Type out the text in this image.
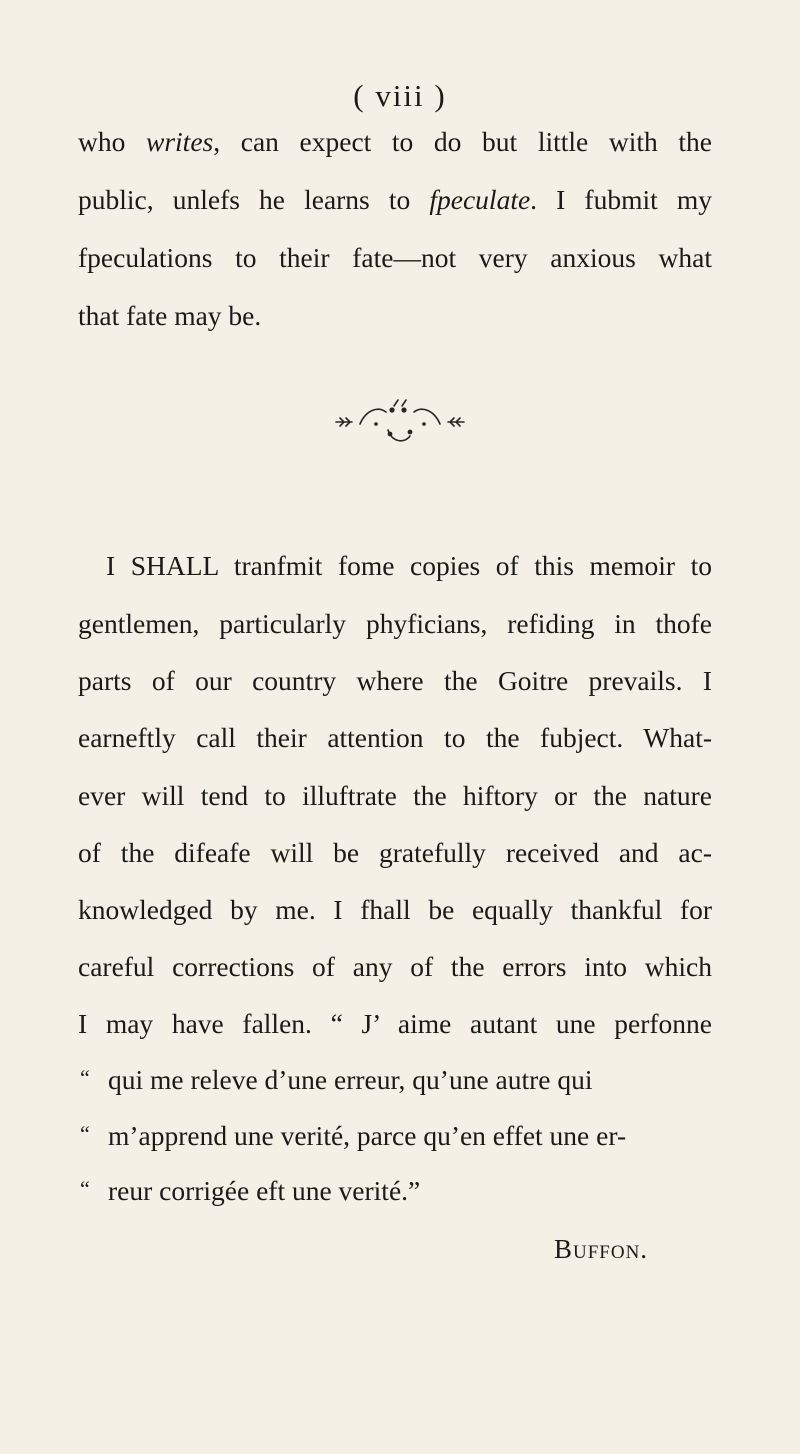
( viii )
who writes, can expect to do but little with the
public, unlefs he learns to fpeculate. I fubmit my
fpeculations to their fate—not very anxious what
that fate may be.
I SHALL tranfmit fome copies of this memoir to
gentlemen, particularly phyficians, refiding in thofe
parts of our country where the Goitre prevails. I
earneftly call their attention to the fubject. What-
ever will tend to illuftrate the hiftory or the nature
of the difeafe will be gratefully received and ac-
knowledged by me. I fhall be equally thankful for
careful corrections of any of the errors into which
I may have fallen. “ J’ aime autant une perfonne
“ qui me releve d’une erreur, qu’une autre qui
“ m’apprend une verité, parce qu’en effet une er-
“ reur corrigée eft une verité.”
Buffon.
